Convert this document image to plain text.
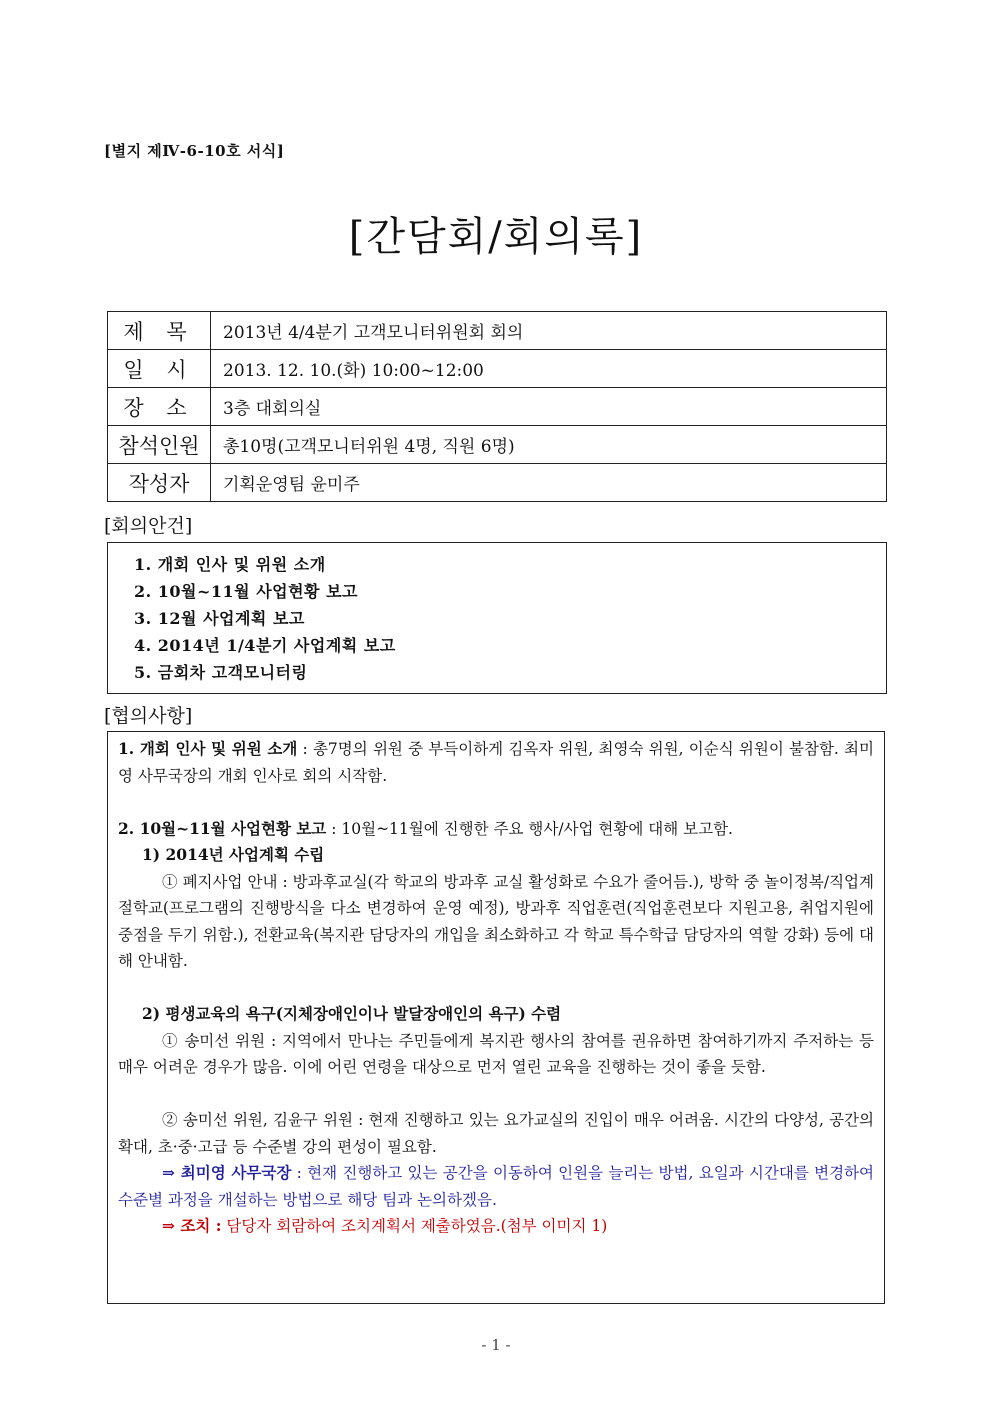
[별지 제Ⅳ-6-10호 서식]
[간담회/회의록]
제 목	2013년 4/4분기 고객모니터위원회 회의
일 시	2013. 12. 10.(화) 10:00~12:00
장 소	3층 대회의실
참석인원	총10명(고객모니터위원 4명, 직원 6명)
작성자	기획운영팀 윤미주
[회의안건]
1. 개회 인사 및 위원 소개
2. 10월~11월 사업현황 보고
3. 12월 사업계획 보고
4. 2014년 1/4분기 사업계획 보고
5. 금회차 고객모니터링
[협의사항]

1. 개회 인사 및 위원 소개 : 총7명의 위원 중 부득이하게 김옥자 위원, 최영숙 위원, 이순식 위원이 불참함. 최미영 사무국장의 개회 인사로 회의 시작함.

2. 10월~11월 사업현황 보고 : 10월~11월에 진행한 주요 행사/사업 현황에 대해 보고함.

1) 2014년 사업계획 수립

① 폐지사업 안내 : 방과후교실(각 학교의 방과후 교실 활성화로 수요가 줄어듬.), 방학 중 놀이정복/직업계절학교(프로그램의 진행방식을 다소 변경하여 운영 예정), 방과후 직업훈련(직업훈련보다 지원고용, 취업지원에 중점을 두기 위함.), 전환교육(복지관 담당자의 개입을 최소화하고 각 학교 특수학급 담당자의 역할 강화) 등에 대해 안내함.

2) 평생교육의 욕구(지체장애인이나 발달장애인의 욕구) 수렴

① 송미선 위원 : 지역에서 만나는 주민들에게 복지관 행사의 참여를 권유하면 참여하기까지 주저하는 등 매우 어려운 경우가 많음. 이에 어린 연령을 대상으로 먼저 열린 교육을 진행하는 것이 좋을 듯함.

② 송미선 위원, 김윤구 위원 : 현재 진행하고 있는 요가교실의 진입이 매우 어려움. 시간의 다양성, 공간의 확대, 초·중·고급 등 수준별 강의 편성이 필요함.

⇒ 최미영 사무국장 : 현재 진행하고 있는 공간을 이동하여 인원을 늘리는 방법, 요일과 시간대를 변경하여 수준별 과정을 개설하는 방법으로 해당 팀과 논의하겠음.

⇒ 조치 : 담당자 회람하여 조치계획서 제출하였음.(첨부 이미지 1)

- 1 -
